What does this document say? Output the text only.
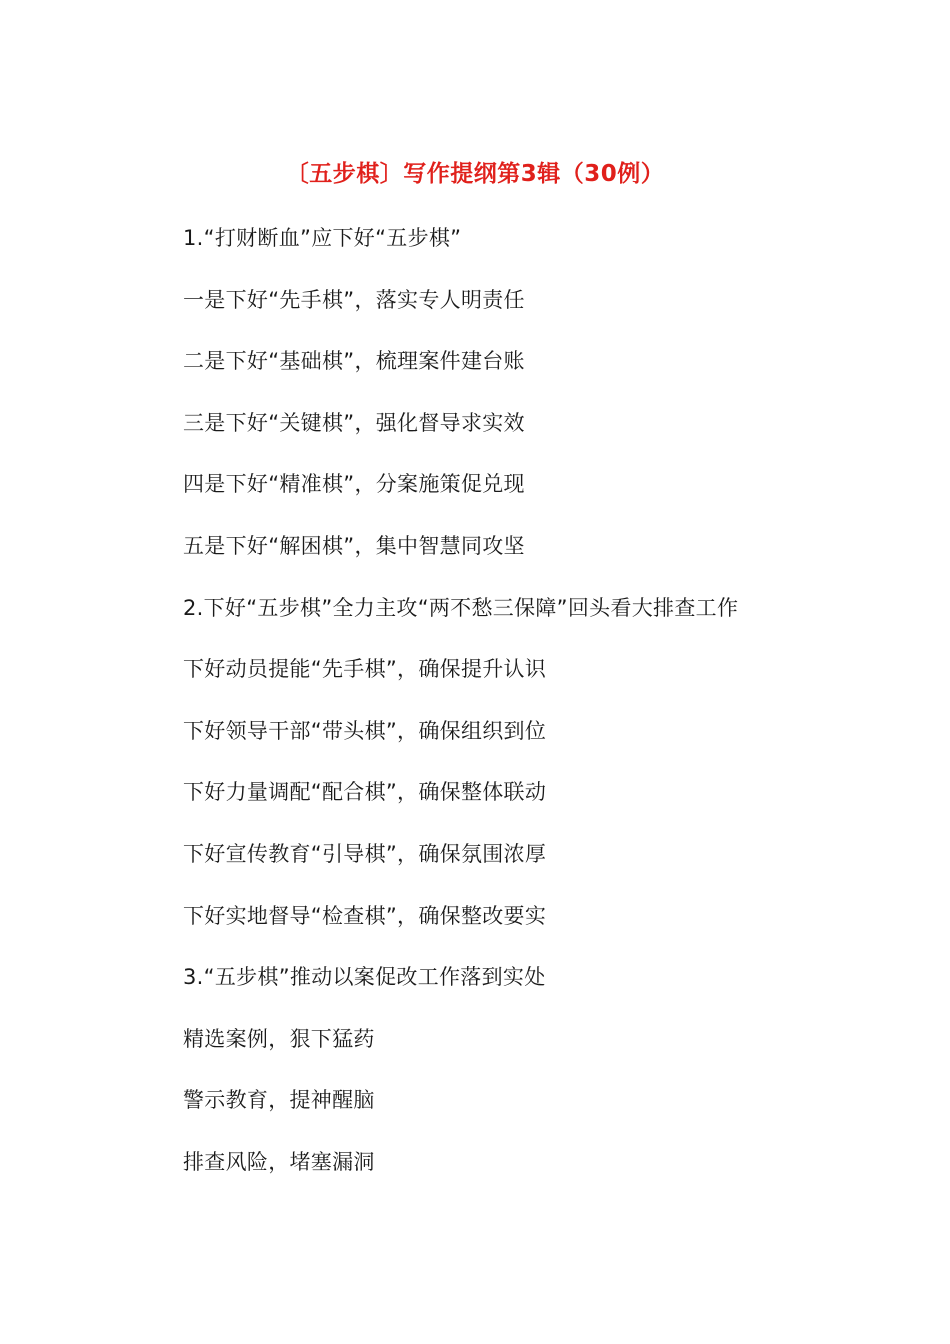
〔五步棋〕写作提纲第3辑（30例）
1.“打财断血”应下好“五步棋”
一是下好“先手棋”，落实专人明责任
二是下好“基础棋”，梳理案件建台账
三是下好“关键棋”，强化督导求实效
四是下好“精准棋”，分案施策促兑现
五是下好“解困棋”，集中智慧同攻坚
2.下好“五步棋”全力主攻“两不愁三保障”回头看大排查工作
下好动员提能“先手棋”，确保提升认识
下好领导干部“带头棋”，确保组织到位
下好力量调配“配合棋”，确保整体联动
下好宣传教育“引导棋”，确保氛围浓厚
下好实地督导“检查棋”，确保整改要实
3.“五步棋”推动以案促改工作落到实处
精选案例，狠下猛药
警示教育，提神醒脑
排查风险，堵塞漏洞
